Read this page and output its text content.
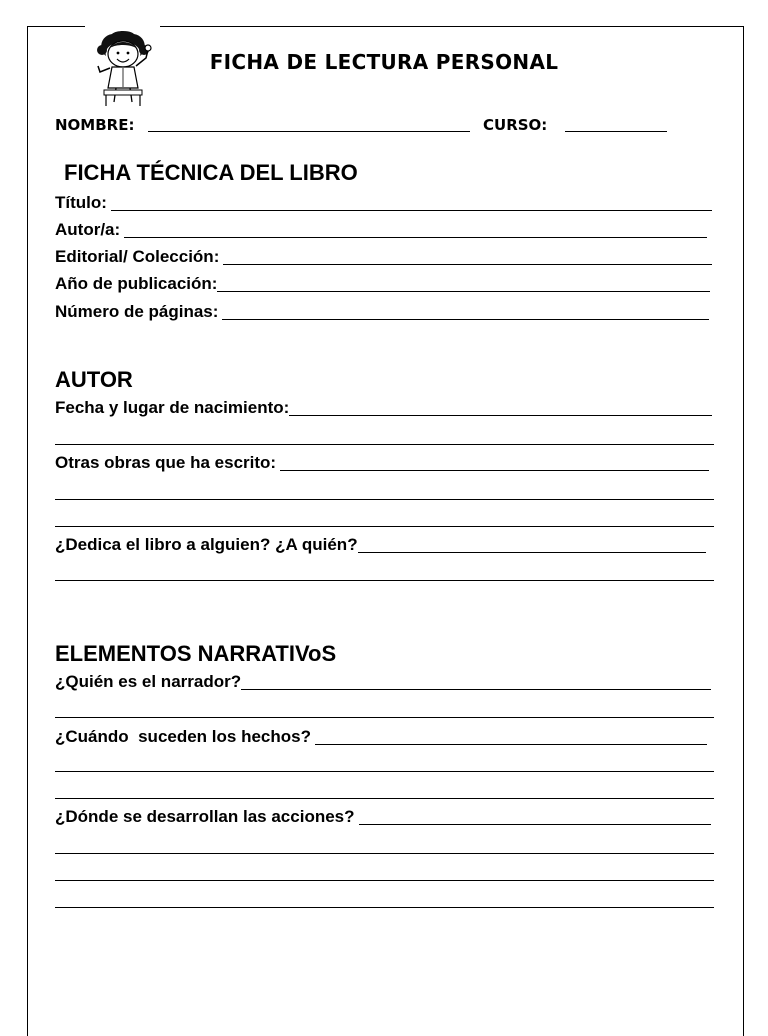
FICHA DE LECTURA PERSONAL
NOMBRE:	CURSO:
FICHA TÉCNICA DEL LIBRO
Título:
Autor/a:
Editorial/ Colección:
Año de publicación:
Número de páginas:
AUTOR
Fecha y lugar de nacimiento:
Otras obras que ha escrito:
¿Dedica el libro a alguien? ¿A quién?
ELEMENTOS NARRATIVoS
¿Quién es el narrador?
¿Cuándo  suceden los hechos?
¿Dónde se desarrollan las acciones?
